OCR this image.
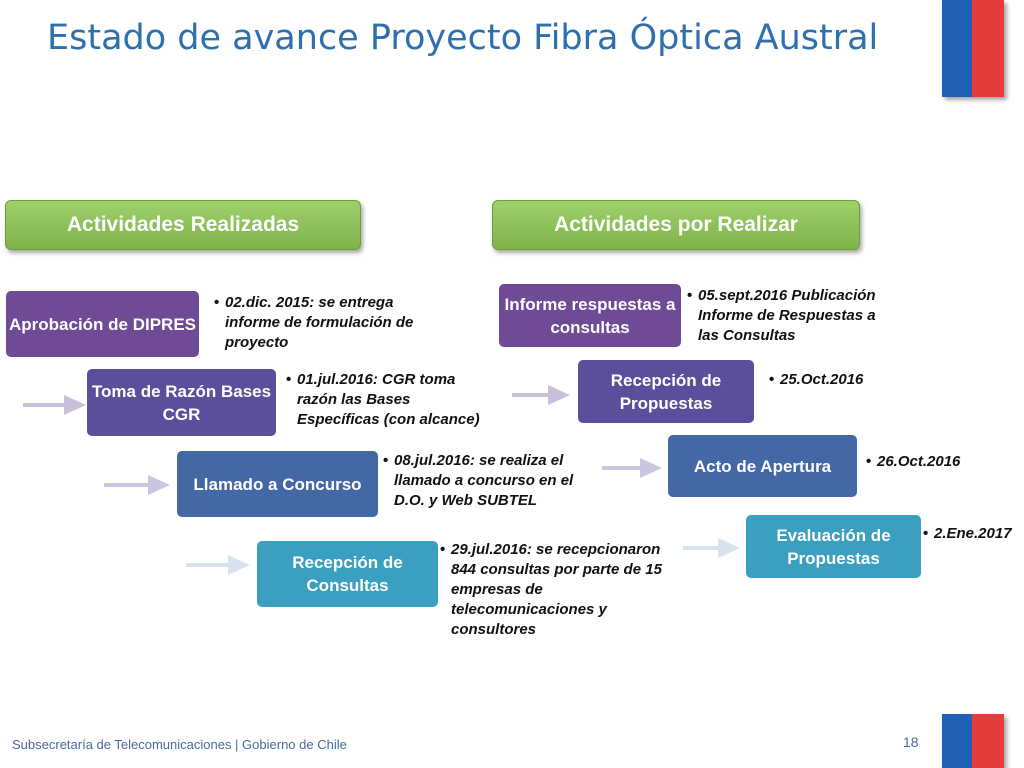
Estado de avance Proyecto Fibra Óptica Austral
Actividades Realizadas	Actividades por Realizar
Aprobación de DIPRES
Toma de Razón Bases CGR
Llamado a Concurso
Recepción de Consultas
• 02.dic. 2015: se entrega informe de formulación de proyecto
• 01.jul.2016: CGR toma razón las Bases Específicas (con alcance)
• 08.jul.2016: se realiza el llamado a concurso en el D.O. y Web SUBTEL
• 29.jul.2016: se recepcionaron 844 consultas por parte de 15 empresas de telecomunicaciones y consultores
Informe respuestas a consultas
Recepción de Propuestas
Acto de Apertura
Evaluación de Propuestas
• 05.sept.2016 Publicación Informe de Respuestas a las Consultas
• 25.Oct.2016
• 26.Oct.2016
• 2.Ene.2017
Subsecretaría de Telecomunicaciones | Gobierno de Chile	18
